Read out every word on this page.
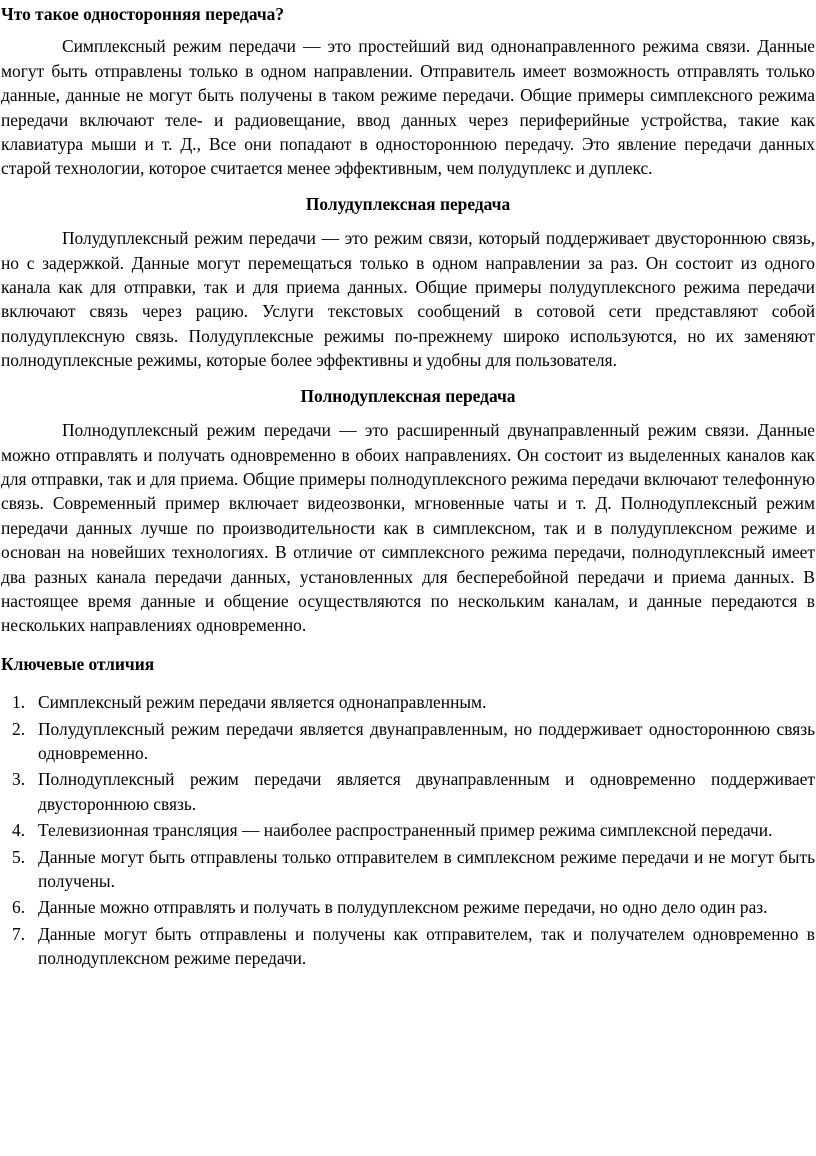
Что такое односторонняя передача?

Симплексный режим передачи — это простейший вид однонаправленного режима связи. Данные могут быть отправлены только в одном направлении. Отправитель имеет возможность отправлять только данные, данные не могут быть получены в таком режиме передачи. Общие примеры симплексного режима передачи включают теле- и радиовещание, ввод данных через периферийные устройства, такие как клавиатура мыши и т. Д., Все они попадают в одностороннюю передачу. Это явление передачи данных старой технологии, которое считается менее эффективным, чем полудуплекс и дуплекс.

Полудуплексная передача

Полудуплексный режим передачи — это режим связи, который поддерживает двустороннюю связь, но с задержкой. Данные могут перемещаться только в одном направлении за раз. Он состоит из одного канала как для отправки, так и для приема данных. Общие примеры полудуплексного режима передачи включают связь через рацию. Услуги текстовых сообщений в сотовой сети представляют собой полудуплексную связь. Полудуплексные режимы по-прежнему широко используются, но их заменяют полнодуплексные режимы, которые более эффективны и удобны для пользователя.

Полнодуплексная передача

Полнодуплексный режим передачи — это расширенный двунаправленный режим связи. Данные можно отправлять и получать одновременно в обоих направлениях. Он состоит из выделенных каналов как для отправки, так и для приема. Общие примеры полнодуплексного режима передачи включают телефонную связь. Современный пример включает видеозвонки, мгновенные чаты и т. Д. Полнодуплексный режим передачи данных лучше по производительности как в симплексном, так и в полудуплексном режиме и основан на новейших технологиях. В отличие от симплексного режима передачи, полнодуплексный имеет два разных канала передачи данных, установленных для бесперебойной передачи и приема данных. В настоящее время данные и общение осуществляются по нескольким каналам, и данные передаются в нескольких направлениях одновременно.

Ключевые отличия

1. Симплексный режим передачи является однонаправленным.
2. Полудуплексный режим передачи является двунаправленным, но поддерживает одностороннюю связь одновременно.
3. Полнодуплексный режим передачи является двунаправленным и одновременно поддерживает двустороннюю связь.
4. Телевизионная трансляция — наиболее распространенный пример режима симплексной передачи.
5. Данные могут быть отправлены только отправителем в симплексном режиме передачи и не могут быть получены.
6. Данные можно отправлять и получать в полудуплексном режиме передачи, но одно дело один раз.
7. Данные могут быть отправлены и получены как отправителем, так и получателем одновременно в полнодуплексном режиме передачи.
